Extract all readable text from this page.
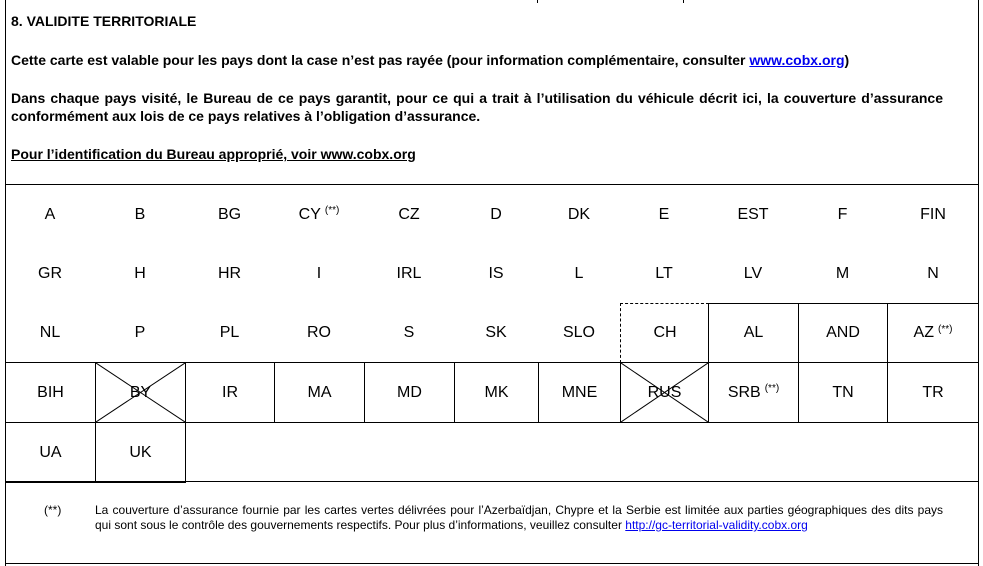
8. VALIDITE TERRITORIALE
Cette carte est valable pour les pays dont la case n’est pas rayée (pour information complémentaire, consulter www.cobx.org)
Dans chaque pays visité, le Bureau de ce pays garantit, pour ce qui a trait à l’utilisation du véhicule décrit ici, la couverture d’assurance conformément aux lois de ce pays relatives à l’obligation d’assurance.
Pour l’identification du Bureau approprié, voir www.cobx.org
A	B	BG	CY (**)	CZ	D	DK	E	EST	F	FIN
GR	H	HR	I	IRL	IS	L	LT	LV	M	N
NL	P	PL	RO	S	SK	SLO	CH	AL	AND	AZ (**)
BIH	BY	IR	MA	MD	MK	MNE	RUS	SRB (**)	TN	TR
UA	UK
(**)	La couverture d’assurance fournie par les cartes vertes délivrées pour l’Azerbaïdjan, Chypre et la Serbie est limitée aux parties géographiques des dits pays qui sont sous le contrôle des gouvernements respectifs. Pour plus d’informations, veuillez consulter http://gc-territorial-validity.cobx.org
